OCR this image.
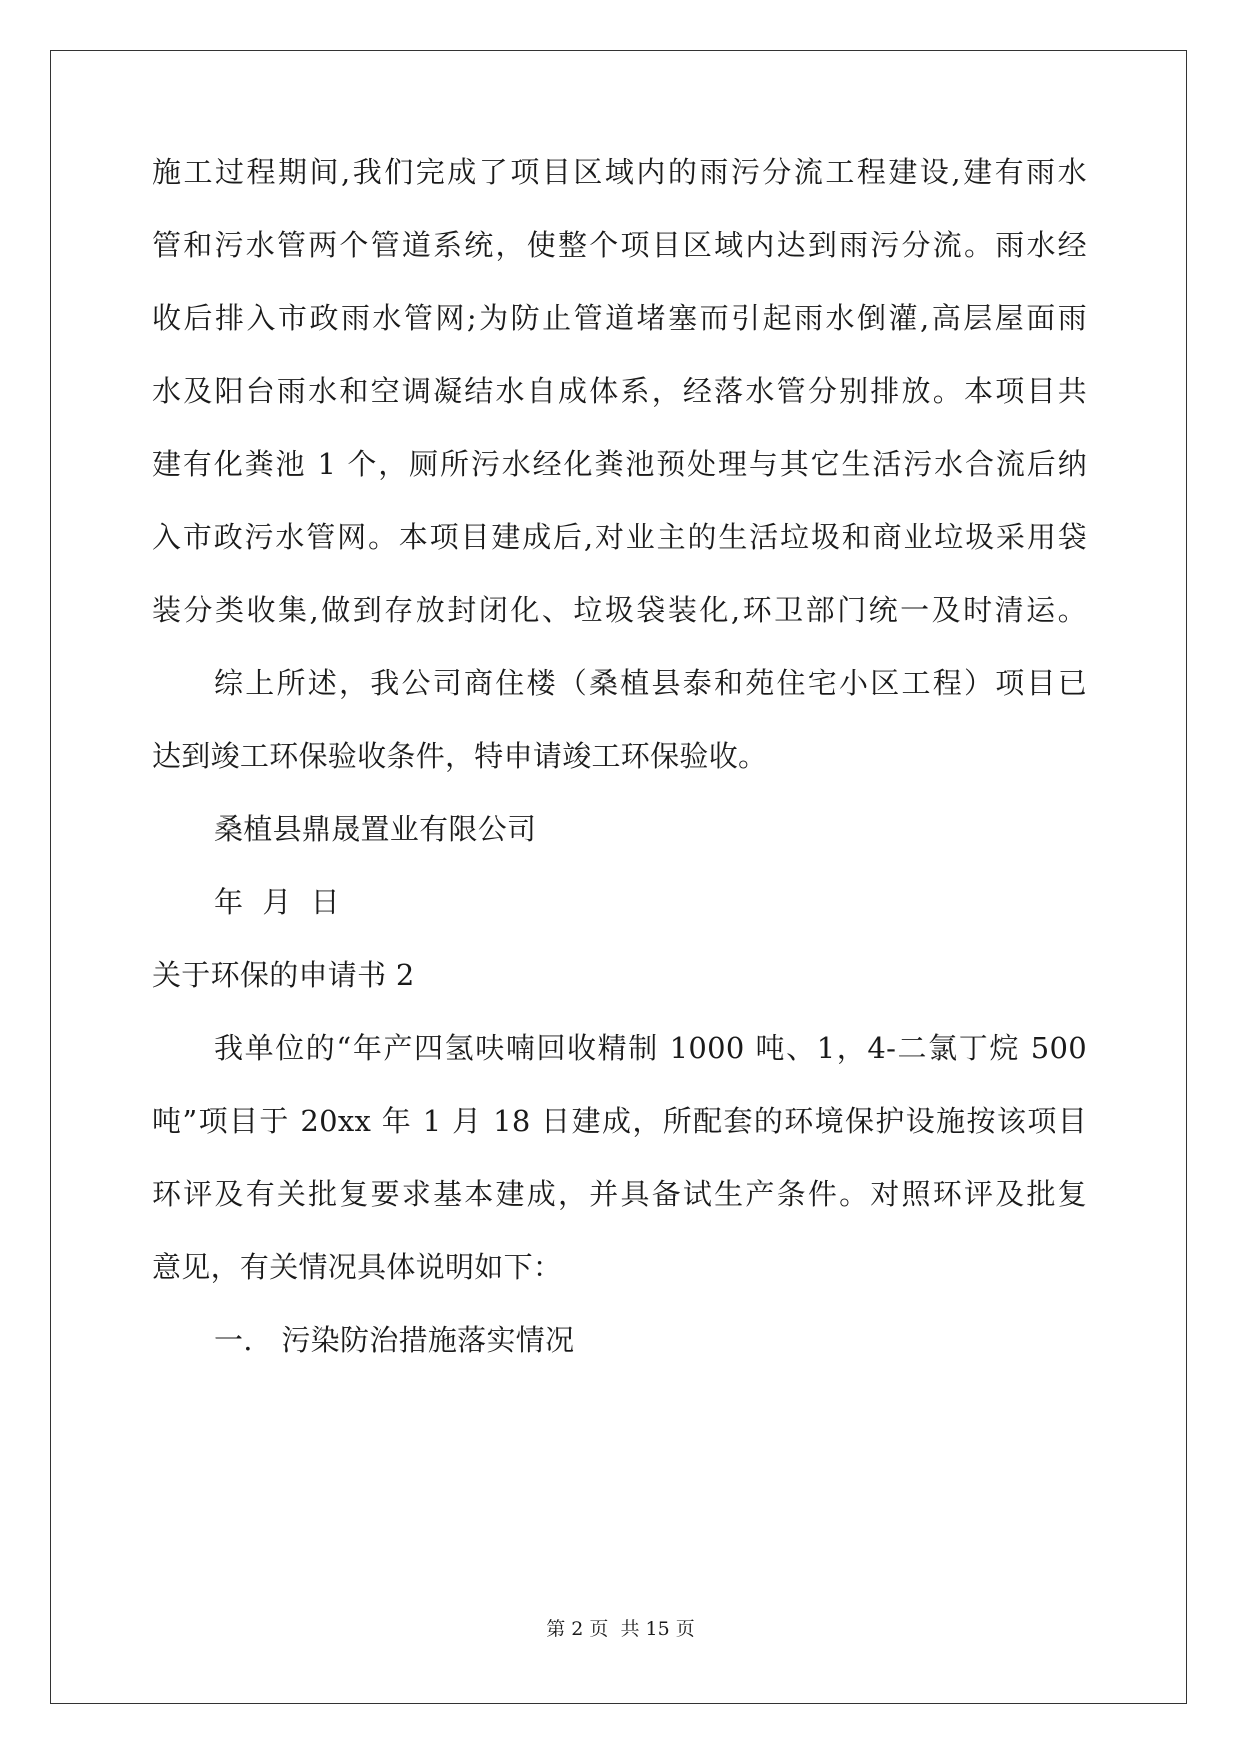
施工过程期间,我们完成了项目区域内的雨污分流工程建设,建有雨水
管和污水管两个管道系统，使整个项目区域内达到雨污分流。雨水经
收后排入市政雨水管网;为防止管道堵塞而引起雨水倒灌,高层屋面雨
水及阳台雨水和空调凝结水自成体系，经落水管分别排放。本项目共
建有化粪池 1 个，厕所污水经化粪池预处理与其它生活污水合流后纳
入市政污水管网。本项目建成后,对业主的生活垃圾和商业垃圾采用袋
装分类收集,做到存放封闭化、垃圾袋装化,环卫部门统一及时清运。
综上所述，我公司商住楼（桑植县泰和苑住宅小区工程）项目已
达到竣工环保验收条件，特申请竣工环保验收。
桑植县鼎晟置业有限公司
年  月  日
关于环保的申请书 2
我单位的“年产四氢呋喃回收精制 1000 吨、1，4-二氯丁烷 500
吨”项目于 20xx 年 1 月 18 日建成，所配套的环境保护设施按该项目
环评及有关批复要求基本建成，并具备试生产条件。对照环评及批复
意见，有关情况具体说明如下：
一.   污染防治措施落实情况
第 2 页 共 15 页
